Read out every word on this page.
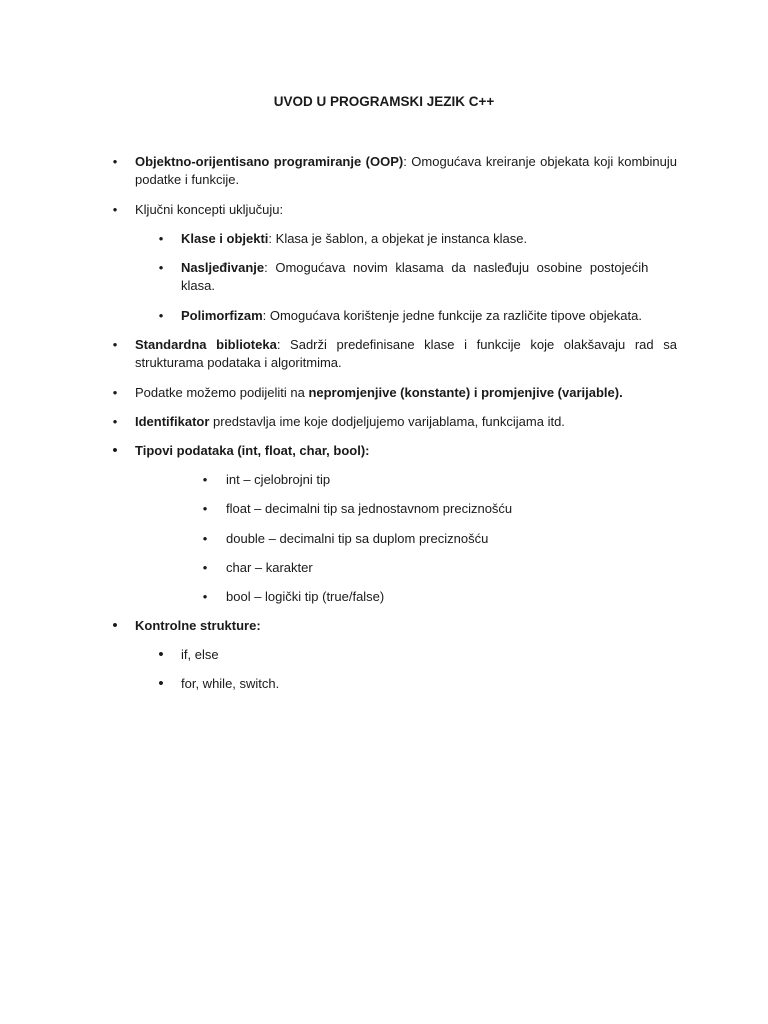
UVOD U PROGRAMSKI JEZIK C++
• Objektno-orijentisano programiranje (OOP): Omogućava kreiranje objekata koji kombinuju podatke i funkcije.
• Ključni koncepti uključuju:
• Klase i objekti: Klasa je šablon, a objekat je instanca klase.
• Nasljeđivanje: Omogućava novim klasama da nasleđuju osobine postojećih klasa.
• Polimorfizam: Omogućava korištenje jedne funkcije za različite tipove objekata.
• Standardna biblioteka: Sadrži predefinisane klase i funkcije koje olakšavaju rad sa strukturama podataka i algoritmima.
• Podatke možemo podijeliti na nepromjenjive (konstante) i promjenjive (varijable).
• Identifikator predstavlja ime koje dodjeljujemo varijablama, funkcijama itd.
• Tipovi podataka (int, float, char, bool):
• int – cjelobrojni tip
• float – decimalni tip sa jednostavnom preciznošću
• double – decimalni tip sa duplom preciznošću
• char – karakter
• bool – logički tip (true/false)
• Kontrolne strukture:
• if, else
• for, while, switch.
